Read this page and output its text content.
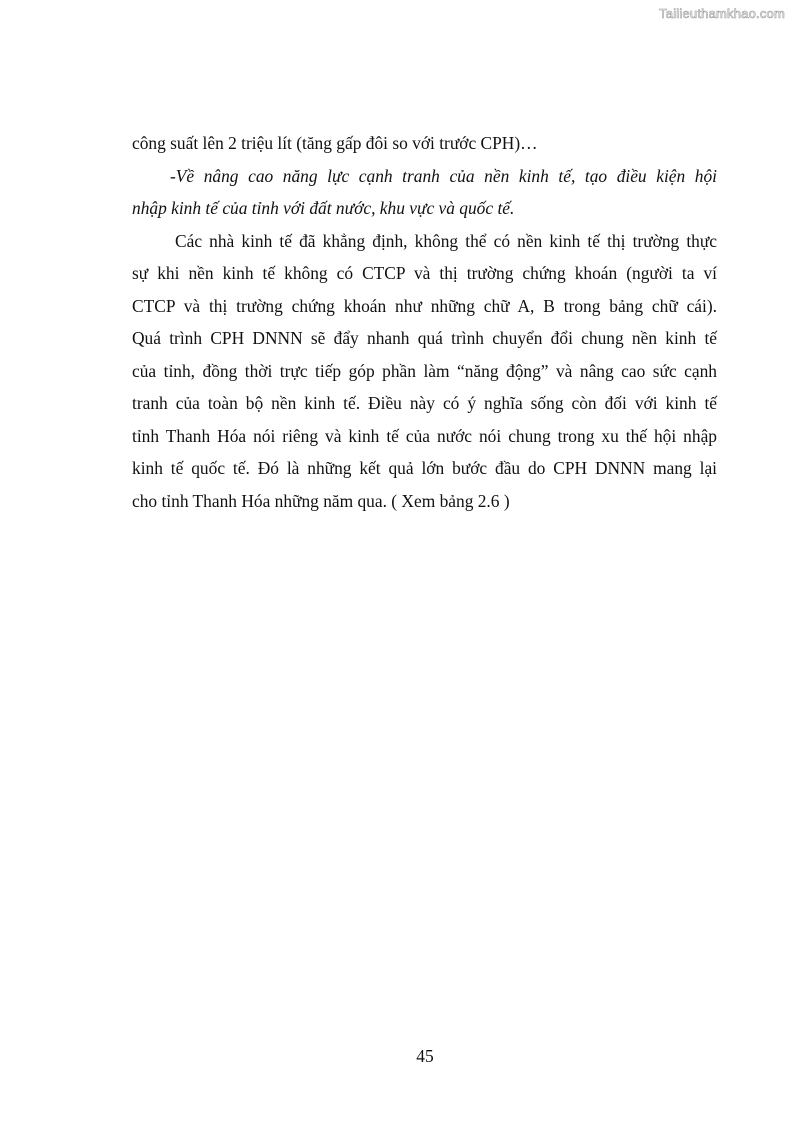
Tailieuthamkhao.com
công suất lên 2 triệu lít (tăng gấp đôi so với trước CPH)…
-Về nâng cao năng lực cạnh tranh của nền kinh tế, tạo điều kiện hội
nhập kinh tế của tỉnh với đất nước, khu vực và quốc tế.
Các nhà kinh tế đã khẳng định, không thể có nền kinh tế thị trường thực
sự khi nền kinh tế không có CTCP và thị trường chứng khoán (người ta ví
CTCP và thị trường chứng khoán như những chữ A, B trong bảng chữ cái).
Quá trình CPH DNNN sẽ đẩy nhanh quá trình chuyển đổi chung nền kinh tế
của tỉnh, đồng thời trực tiếp góp phần làm “năng động” và nâng cao sức cạnh
tranh của toàn bộ nền kinh tế. Điều này có ý nghĩa sống còn đối với kinh tế
tỉnh Thanh Hóa nói riêng và kinh tế của nước nói chung trong xu thế hội nhập
kinh tế quốc tế. Đó là những kết quả lớn bước đầu do CPH DNNN mang lại
cho tỉnh Thanh Hóa những năm qua. ( Xem bảng 2.6 )
45
